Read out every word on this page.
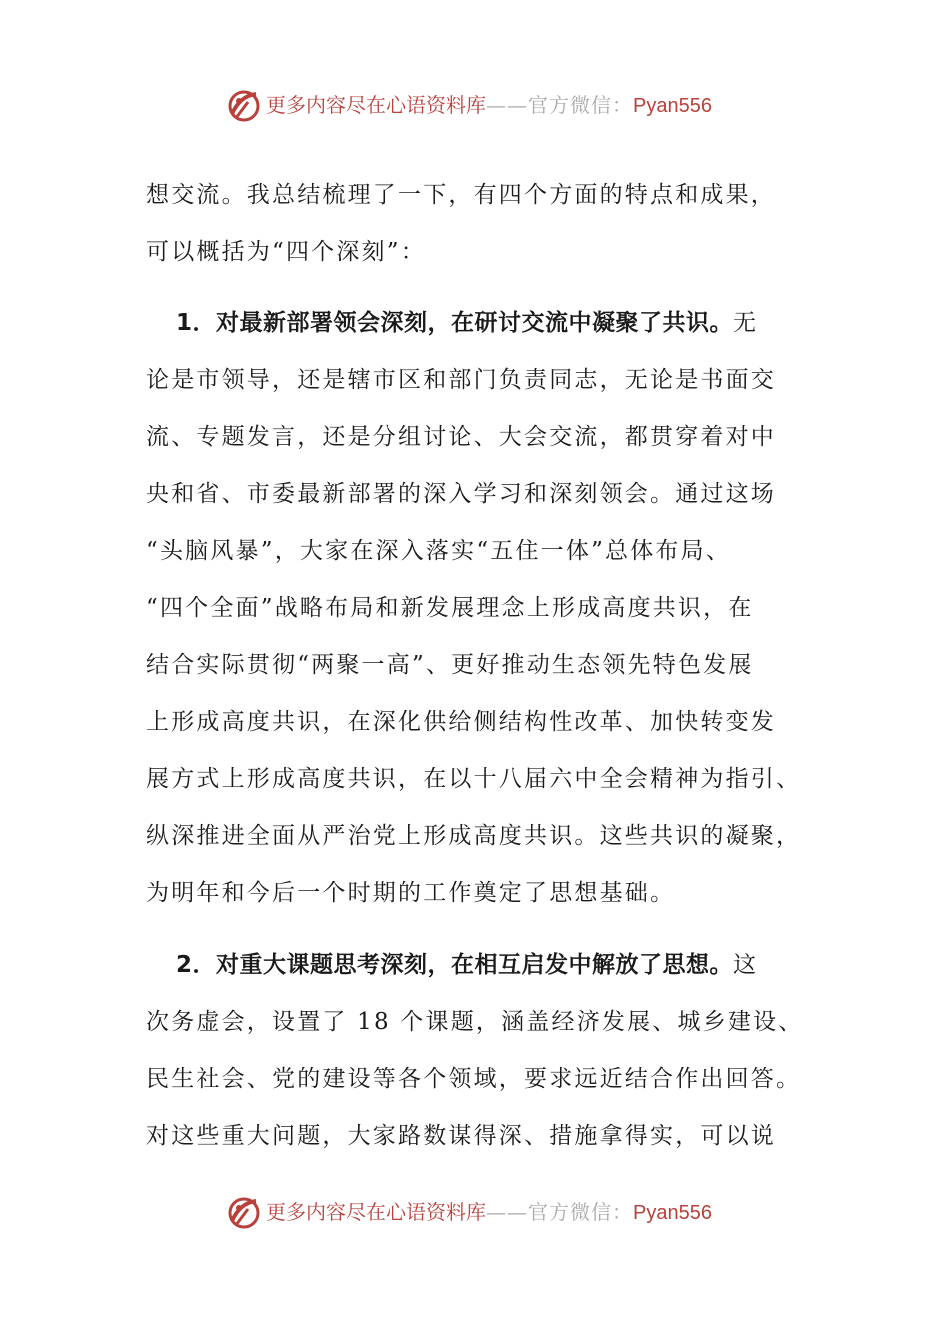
更多内容尽在心语资料库——官方微信：Pyan556
想交流。我总结梳理了一下，有四个方面的特点和成果，
可以概括为“四个深刻”：
1．对最新部署领会深刻，在研讨交流中凝聚了共识。无
论是市领导，还是辖市区和部门负责同志，无论是书面交
流、专题发言，还是分组讨论、大会交流，都贯穿着对中
央和省、市委最新部署的深入学习和深刻领会。通过这场
“头脑风暴”，大家在深入落实“五住一体”总体布局、
“四个全面”战略布局和新发展理念上形成高度共识，在
结合实际贯彻“两聚一高”、更好推动生态领先特色发展
上形成高度共识，在深化供给侧结构性改革、加快转变发
展方式上形成高度共识，在以十八届六中全会精神为指引、
纵深推进全面从严治党上形成高度共识。这些共识的凝聚，
为明年和今后一个时期的工作奠定了思想基础。
2．对重大课题思考深刻，在相互启发中解放了思想。这
次务虚会，设置了 18 个课题，涵盖经济发展、城乡建设、
民生社会、党的建设等各个领域，要求远近结合作出回答。
对这些重大问题，大家路数谋得深、措施拿得实，可以说
更多内容尽在心语资料库——官方微信：Pyan556
